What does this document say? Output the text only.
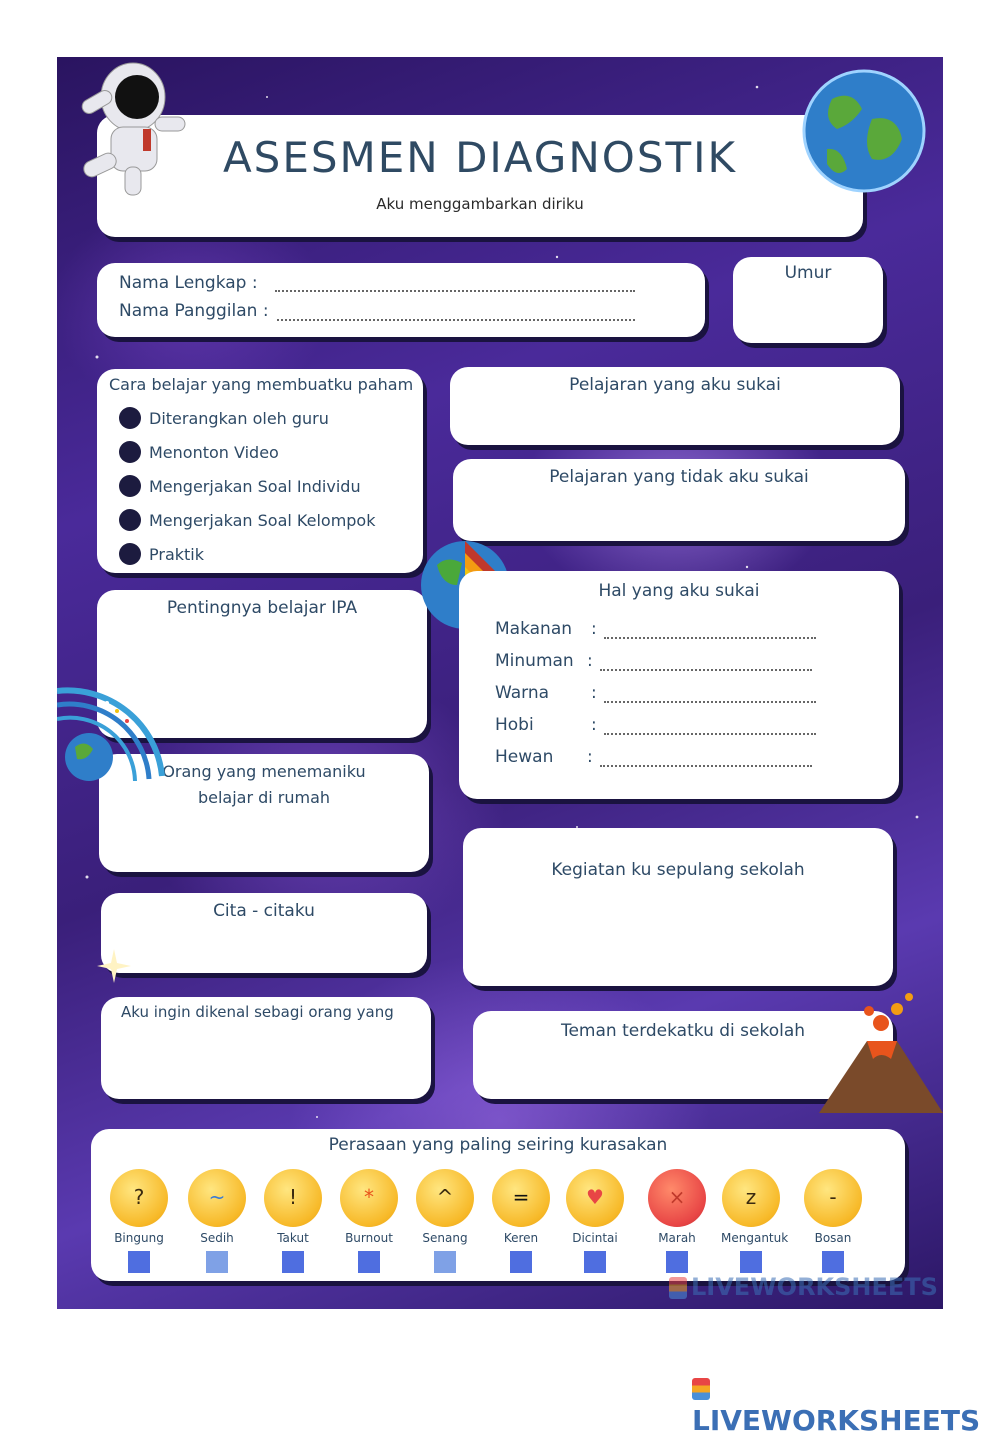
ASESMEN DIAGNOSTIK
Aku menggambarkan diriku
Nama Lengkap :
Nama Panggilan :
Umur
Cara belajar yang membuatku paham
Diterangkan oleh guru
Menonton Video
Mengerjakan Soal Individu
Mengerjakan Soal Kelompok
Praktik
Pelajaran yang aku sukai
Pelajaran yang tidak aku sukai
Pentingnya belajar IPA
Hal yang aku sukai
Makanan :
Minuman :
Warna :
Hobi	:
Hewan :
Orang yang menemaniku
belajar di rumah
Kegiatan ku sepulang sekolah
Cita - citaku
Aku ingin dikenal sebagi orang yang
Teman terdekatku di sekolah
Perasaan yang paling seiring kurasakan
?
Bingung
~
Sedih
!
Takut
*
Burnout
^
Senang
=
Keren
♥
Dicintai
×
Marah
z
Mengantuk
-
Bosan
LIVEWORKSHEETS
LIVEWORKSHEETS
